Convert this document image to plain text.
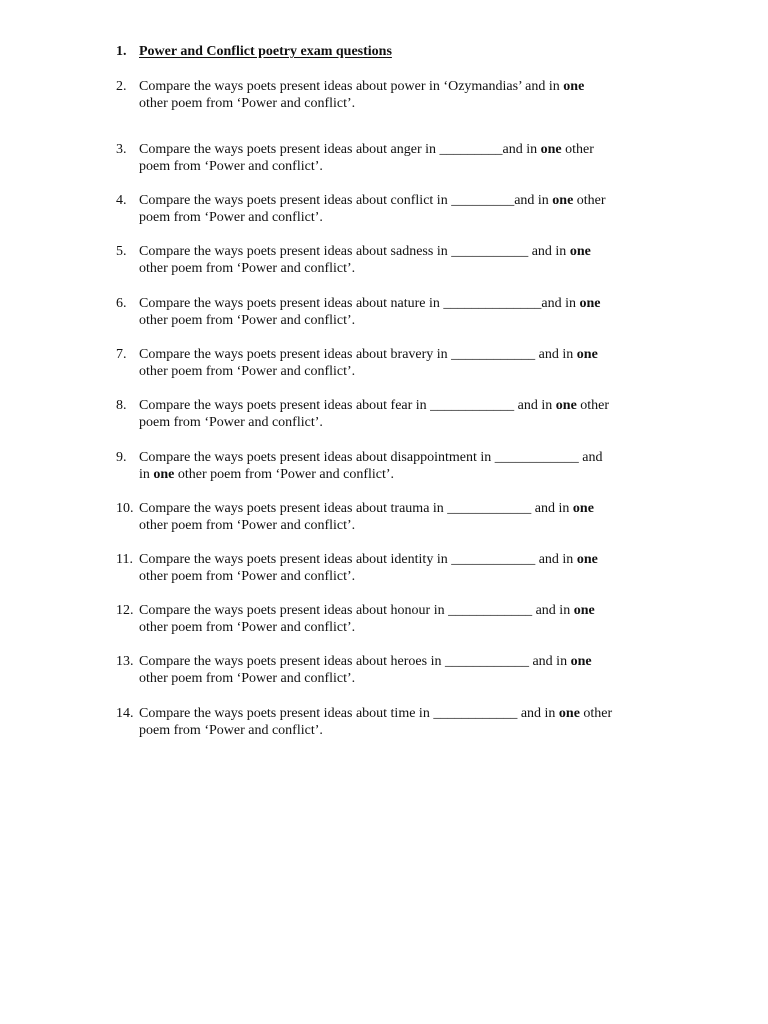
1. Power and Conflict poetry exam questions
2. Compare the ways poets present ideas about power in ‘Ozymandias’ and in one
other poem from ‘Power and conflict’.
3. Compare the ways poets present ideas about anger in _________and in one other
poem from ‘Power and conflict’.
4. Compare the ways poets present ideas about conflict in _________and in one other
poem from ‘Power and conflict’.
5. Compare the ways poets present ideas about sadness in ___________ and in one
other poem from ‘Power and conflict’.
6. Compare the ways poets present ideas about nature in ______________and in one
other poem from ‘Power and conflict’.
7. Compare the ways poets present ideas about bravery in ____________ and in one
other poem from ‘Power and conflict’.
8. Compare the ways poets present ideas about fear in ____________ and in one other
poem from ‘Power and conflict’.
9. Compare the ways poets present ideas about disappointment in ____________ and
in one other poem from ‘Power and conflict’.
10. Compare the ways poets present ideas about trauma in ____________ and in one
other poem from ‘Power and conflict’.
11. Compare the ways poets present ideas about identity in ____________ and in one
other poem from ‘Power and conflict’.
12. Compare the ways poets present ideas about honour in ____________ and in one
other poem from ‘Power and conflict’.
13. Compare the ways poets present ideas about heroes in ____________ and in one
other poem from ‘Power and conflict’.
14. Compare the ways poets present ideas about time in ____________ and in one other
poem from ‘Power and conflict’.
